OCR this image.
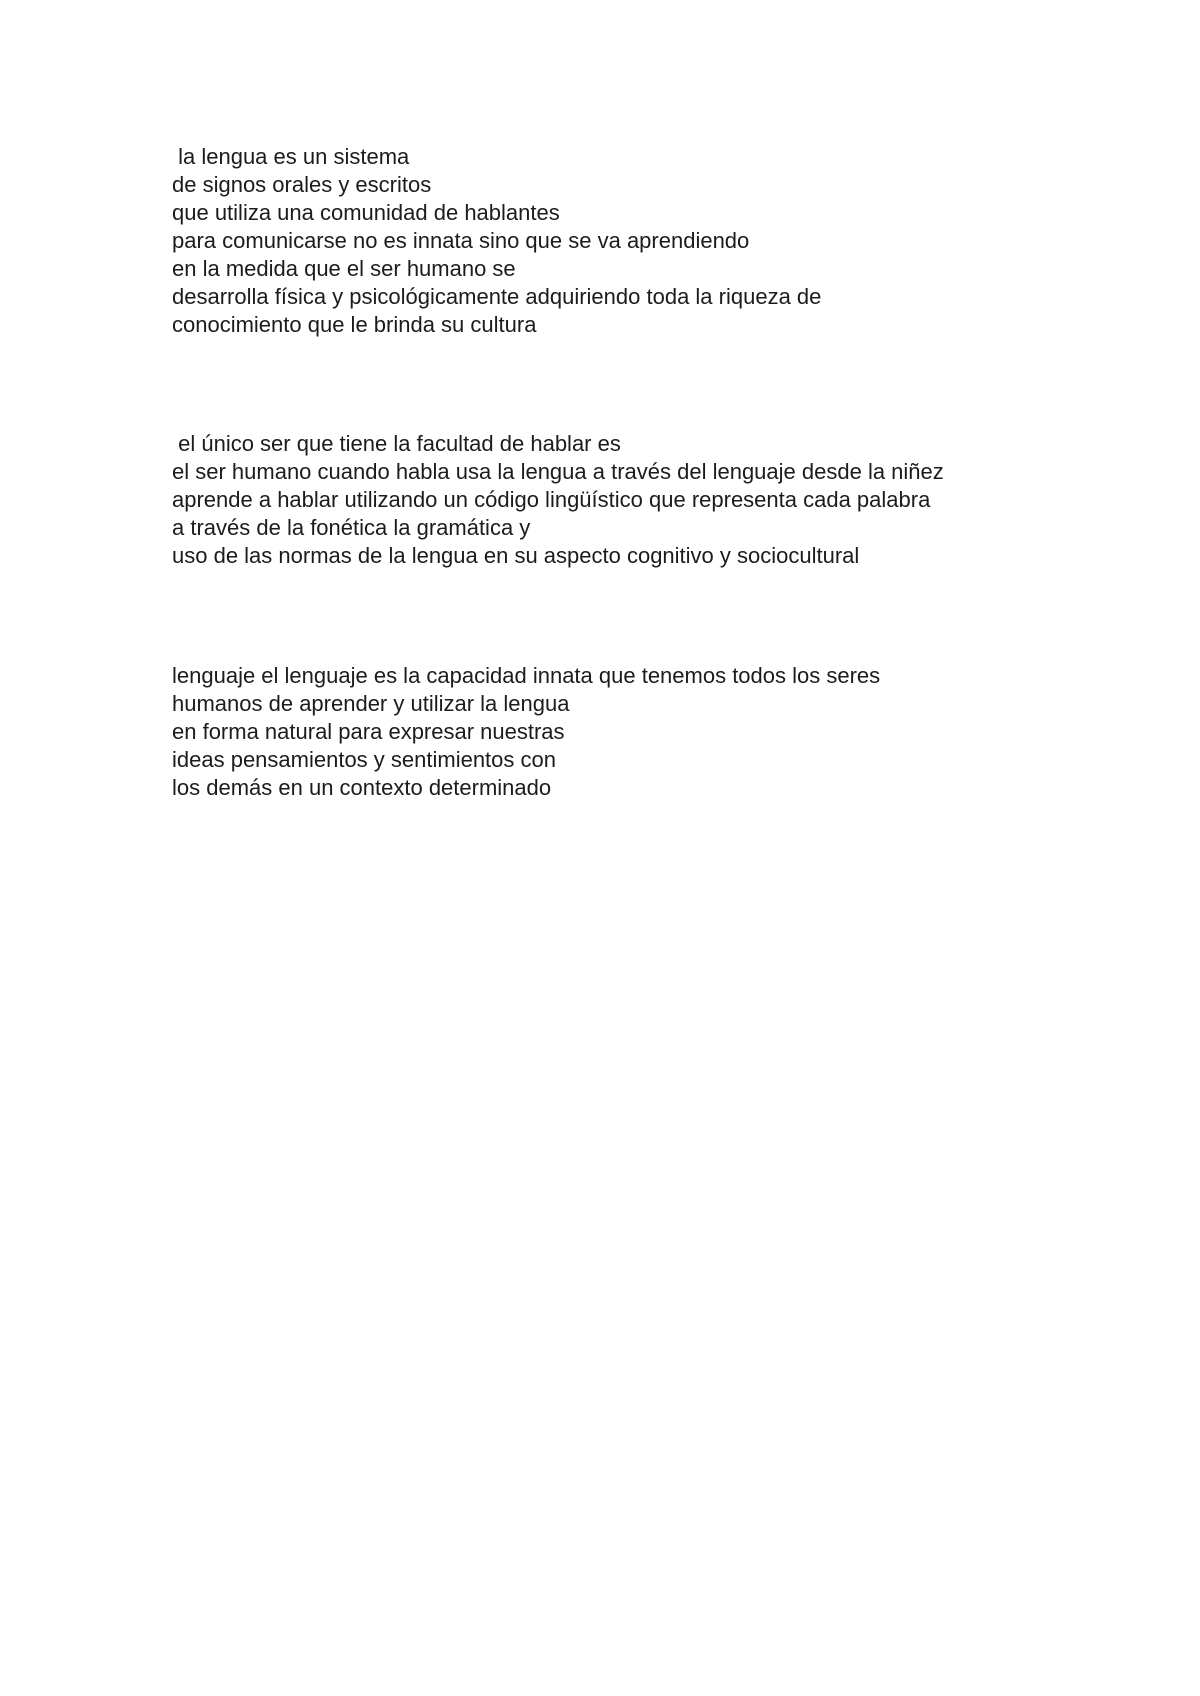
la lengua es un sistema
de signos orales y escritos
que utiliza una comunidad de hablantes
para comunicarse no es innata sino que se va aprendiendo
en la medida que el ser humano se
desarrolla física y psicológicamente adquiriendo toda la riqueza de
conocimiento que le brinda su cultura
el único ser que tiene la facultad de hablar es
el ser humano cuando habla usa la lengua a través del lenguaje desde la niñez
aprende a hablar utilizando un código lingüístico que representa cada palabra
a través de la fonética la gramática y
uso de las normas de la lengua en su aspecto cognitivo y sociocultural
lenguaje el lenguaje es la capacidad innata que tenemos todos los seres
humanos de aprender y utilizar la lengua
en forma natural para expresar nuestras
ideas pensamientos y sentimientos con
los demás en un contexto determinado
